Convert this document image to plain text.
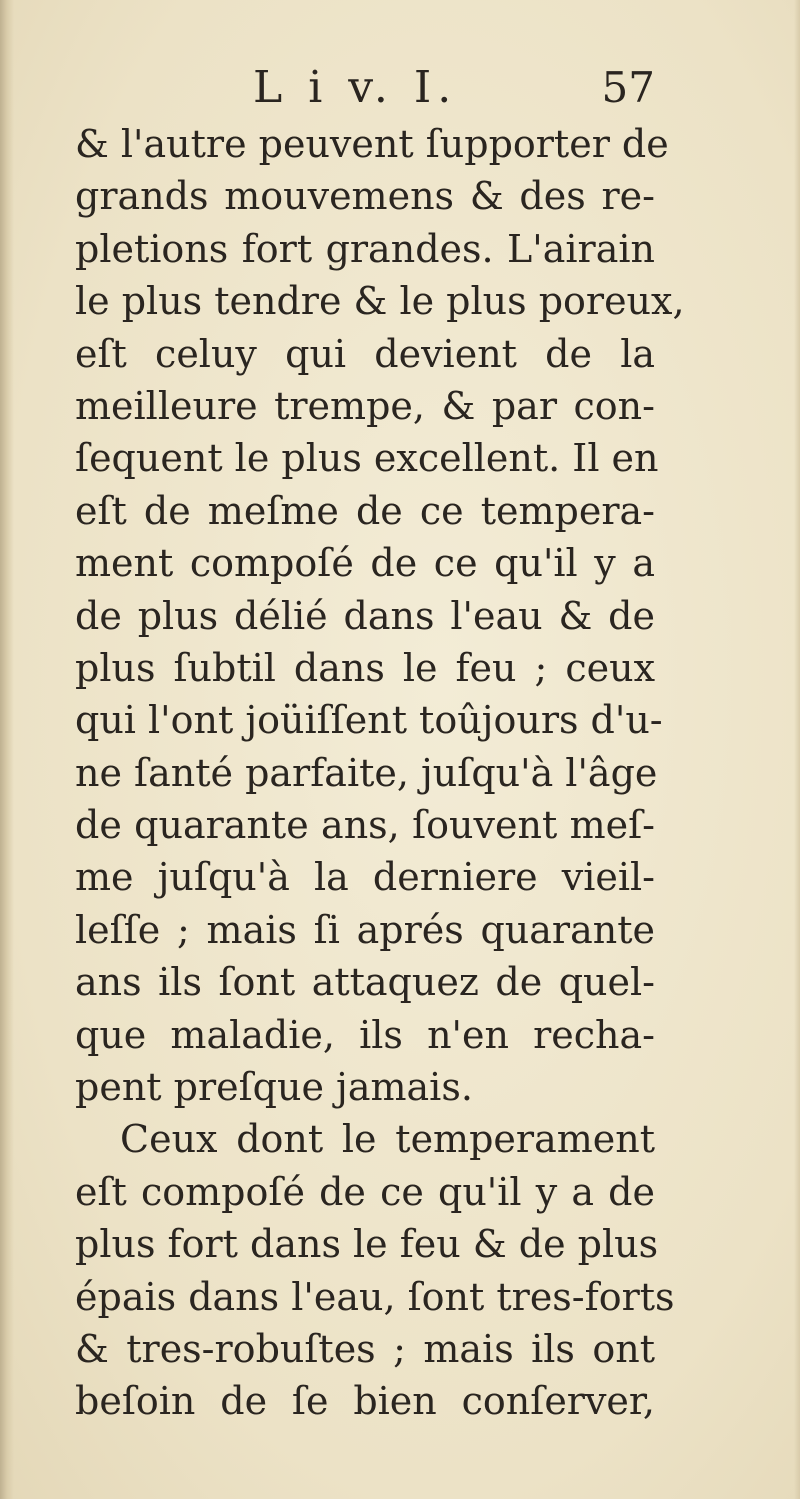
L i v. I.	57
& l'autre peuvent ſupporter de
grands mouvemens & des re-
pletions fort grandes. L'airain
le plus tendre & le plus poreux,
eſt celuy qui devient de la
meilleure trempe, & par con-
ſequent le plus excellent. Il en
eſt de meſme de ce tempera-
ment compoſé de ce qu'il y a
de plus délié dans l'eau & de
plus ſubtil dans le feu ; ceux
qui l'ont joüiſſent toûjours d'u-
ne ſanté parfaite, juſqu'à l'âge
de quarante ans, ſouvent meſ-
me juſqu'à la derniere vieil-
leſſe ; mais ſi aprés quarante
ans ils ſont attaquez de quel-
que maladie, ils n'en recha-
pent preſque jamais.
Ceux dont le temperament
eſt compoſé de ce qu'il y a de
plus fort dans le feu & de plus
épais dans l'eau, ſont tres-forts
& tres-robuſtes ; mais ils ont
beſoin de ſe bien conſerver,
